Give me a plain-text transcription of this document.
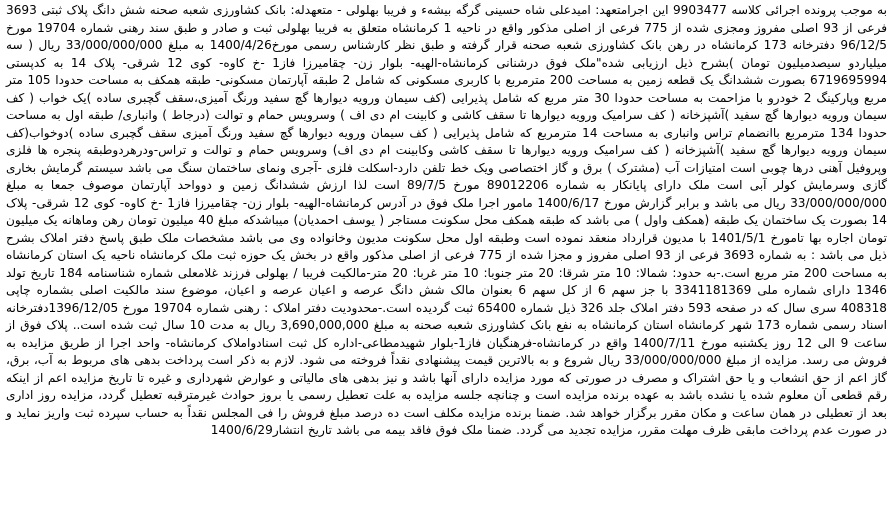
به موجب پرونده اجرائی کلاسه 9903477 این اجرامتعهد: امیدعلی شاه حسینی گرگه بیشه‌ء و فریبا بهلولی - متعهدله: بانک کشاورزی شعبه صحنه شش دانگ پلاک ثبتی 3693 فرعی از 93 اصلی مفروز ومجزی شده از 775 فرعی از اصلی مذکور واقع در ناحیه 1 کرمانشاه متعلق به فریبا بهلولی ثبت و صادر و طبق سند رهنی شماره 19704 مورخ 96/12/5 دفترخانه 173 کرمانشاه در رهن بانک کشاورزی شعبه صحنه قرار گرفته و طبق نظر کارشناس رسمی مورخ1400/4/26 به مبلغ 33/000/000/000 ریال ( سه میلیاردو سیصدمیلیون تومان )بشرح ذیل ارزیابی شده"ملک فوق درشنانی کرمانشاه-الهیه- بلوار زن- چقامیرزا فاز1 -خ کاوه- کوی 12 شرقی- پلاک 14 به کدپستی 6719695994 بصورت ششدانگ یک قطعه زمین به مساحت 200 مترمربع با کاربری مسکونی که شامل 2 طبقه آپارتمان مسکونی- طبقه همکف به مساحت حدودا 105 متر مربع وپارکینگ 2 خودرو با مزاحمت به مساحت حدودا 30 متر مربع که شامل پذیرایی (کف سیمان ورویه دیوارها گچ سفید ورنگ آمیزی،سقف گچبری ساده )یک خواب ( کف سیمان ورویه دیوارها گچ سفید )آشپزخانه ( کف سرامیک ورویه دیوارها تا سقف کاشی و کابینت ام دی اف ) وسرویس حمام و توالت (درجاط ) وانباری/ طبقه اول به مساحت حدودا 134 مترمربع باانضمام تراس وانباری به مساحت 14 مترمربع که شامل پذیرایی ( کف سیمان ورویه دیوارها گچ سفید ورنگ آمیزی سقف گچبری ساده )دوخواب(کف سیمان ورویه دیوارها گچ سفید )آشپزخانه ( کف سرامیک ورویه دیوارها تا سقف کاشی وکابینت ام دی اف) وسرویس حمام و توالت و تراس-ودرهردوطبقه پنجره ها فلزی وپروفیل آهنی درها چوبی است امتیازات آب (مشترک ) برق و گاز اختصاصی ویک خط تلفن دارد-اسکلت فلزی -آجری ونمای ساختمان سنگ می باشد سیستم گرمایش بخاری گازی وسرمایش کولر آبی است ملک دارای پایانکار به شماره 89012206 مورخ 89/7/5 است لذا ارزش ششدانگ زمین و دوواحد آپارتمان موصوف جمعا به مبلغ 33/000/000/000 ریال می باشد و برابر گزارش مورخ 1400/6/17 مامور اجرا ملک فوق در آدرس کرمانشاه-الهیه- بلوار زن- چقامیرزا فاز1 -خ کاوه- کوی 12 شرقی- پلاک 14 بصورت یک ساختمان یک طبقه (همکف واول ) می باشد که طبقه همکف محل سکونت مستاجر ( یوسف احمدیان) میباشدکه مبلغ 40 میلیون تومان رهن وماهانه یک میلیون تومان اجاره بها تامورخ 1401/5/1 با مدیون قرارداد منعقد نموده است وطبقه اول محل سکونت مدیون وخانواده وی می باشد مشخصات ملک طبق پاسخ دفتر املاک بشرح ذیل می باشد : به شماره 3693 فرعی از 93 اصلی مفروز و مجزا شده از 775 فرعی از اصلی مذکور واقع در بخش یک حوزه ثبت ملک کرمانشاه ناحیه یک استان کرمانشاه به مساحت 200 متر مربع است.-به حدود: شمالا: 10 متر شرقا: 20 متر جنوبا: 10 متر غربا: 20 متر-مالکیت فریبا / بهلولی فرزند غلامعلی شماره شناسنامه 184 تاریخ تولد 1346 دارای شماره ملی 3341181369 با جز سهم 6 از کل سهم 6 بعنوان مالک شش دانگ عرصه و اعیان عرصه و اعیان، موضوع سند مالکیت اصلی بشماره چاپی 408318 سری سال که در صفحه 593 دفتر املاک جلد 326 ذیل شماره 65400 ثبت گردیده است.-محدودیت دفتر املاک : رهنی شماره 19704 مورخ 1396/12/05دفترخانه اسناد رسمی شماره 173 شهر کرمانشاه استان کرمانشاه به نفع بانک کشاورزی شعبه صحنه به مبلغ 3,690,000,000 ریال به مدت 10 سال ثبت شده است.. پلاک فوق از ساعت 9 الی 12 روز یکشنبه مورخ 1400/7/11 واقع در کرمانشاه-فرهنگیان فاز1-بلوار شهیدمطاعی-اداره کل ثبت اسنادواملاک کرمانشاه- واحد اجرا از طریق مزایده به فروش می رسد. مزایده از مبلغ 33/000/000/000 ریال شروع و به بالاترین قیمت پیشنهادی نقداً فروخته می شود. لازم به ذکر است پرداخت بدهی های مربوط به آب، برق، گاز اعم از حق انشعاب و یا حق اشتراک و مصرف در صورتی که مورد مزایده دارای آنها باشد و نیز بدهی های مالیاتی و عوارض شهرداری و غیره تا تاریخ مزایده اعم از اینکه رقم قطعی آن معلوم شده یا نشده باشد به عهده برنده مزایده است و چنانچه جلسه مزایده به علت تعطیل رسمی یا بروز حوادث غیرمترقبه تعطیل گردد، مزایده روز اداری بعد از تعطیلی در همان ساعت و مکان مقرر برگزار خواهد شد. ضمنا برنده مزایده مکلف است ده درصد مبلغ فروش را فی المجلس نقداً به حساب سپرده ثبت واریز نماید و در صورت عدم پرداخت مابقی ظرف مهلت مقرر، مزایده تجدید می گردد. ضمنا ملک فوق فاقد بیمه می باشد تاریخ انتشار1400/6/29
